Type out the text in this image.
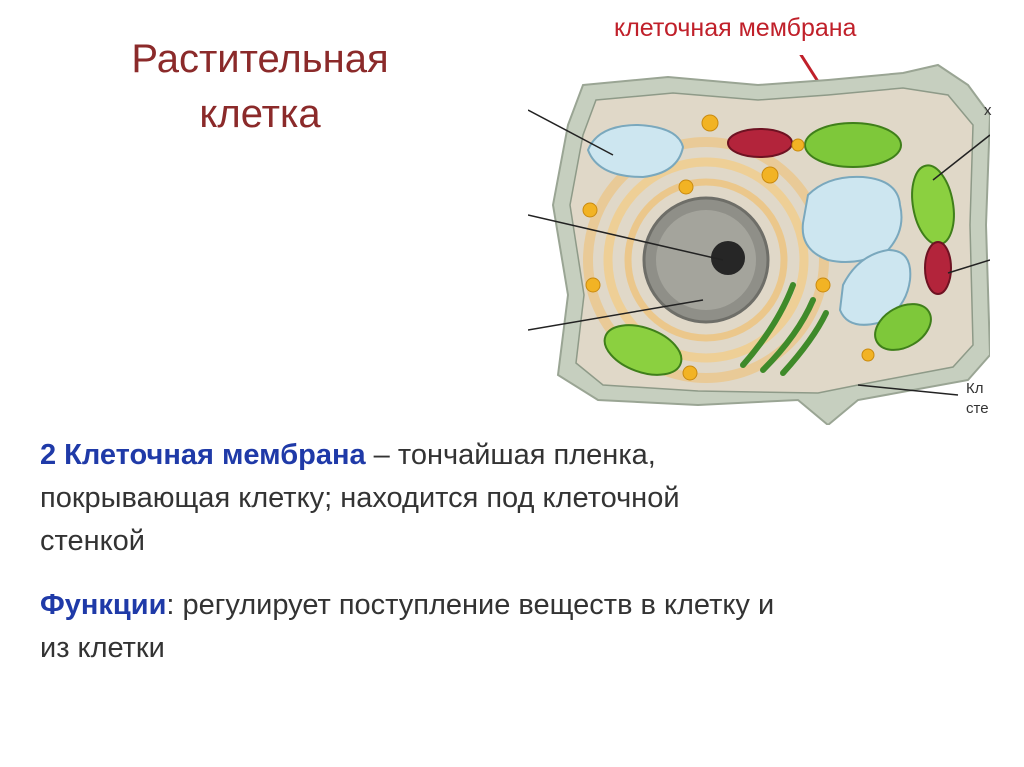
Растительная
клетка
клеточная мембрана
х
Кл
сте
2 Клеточная мембрана – тончайшая пленка,
покрывающая клетку; находится под клеточной
стенкой
Функции: регулирует поступление веществ в клетку и
из клетки
